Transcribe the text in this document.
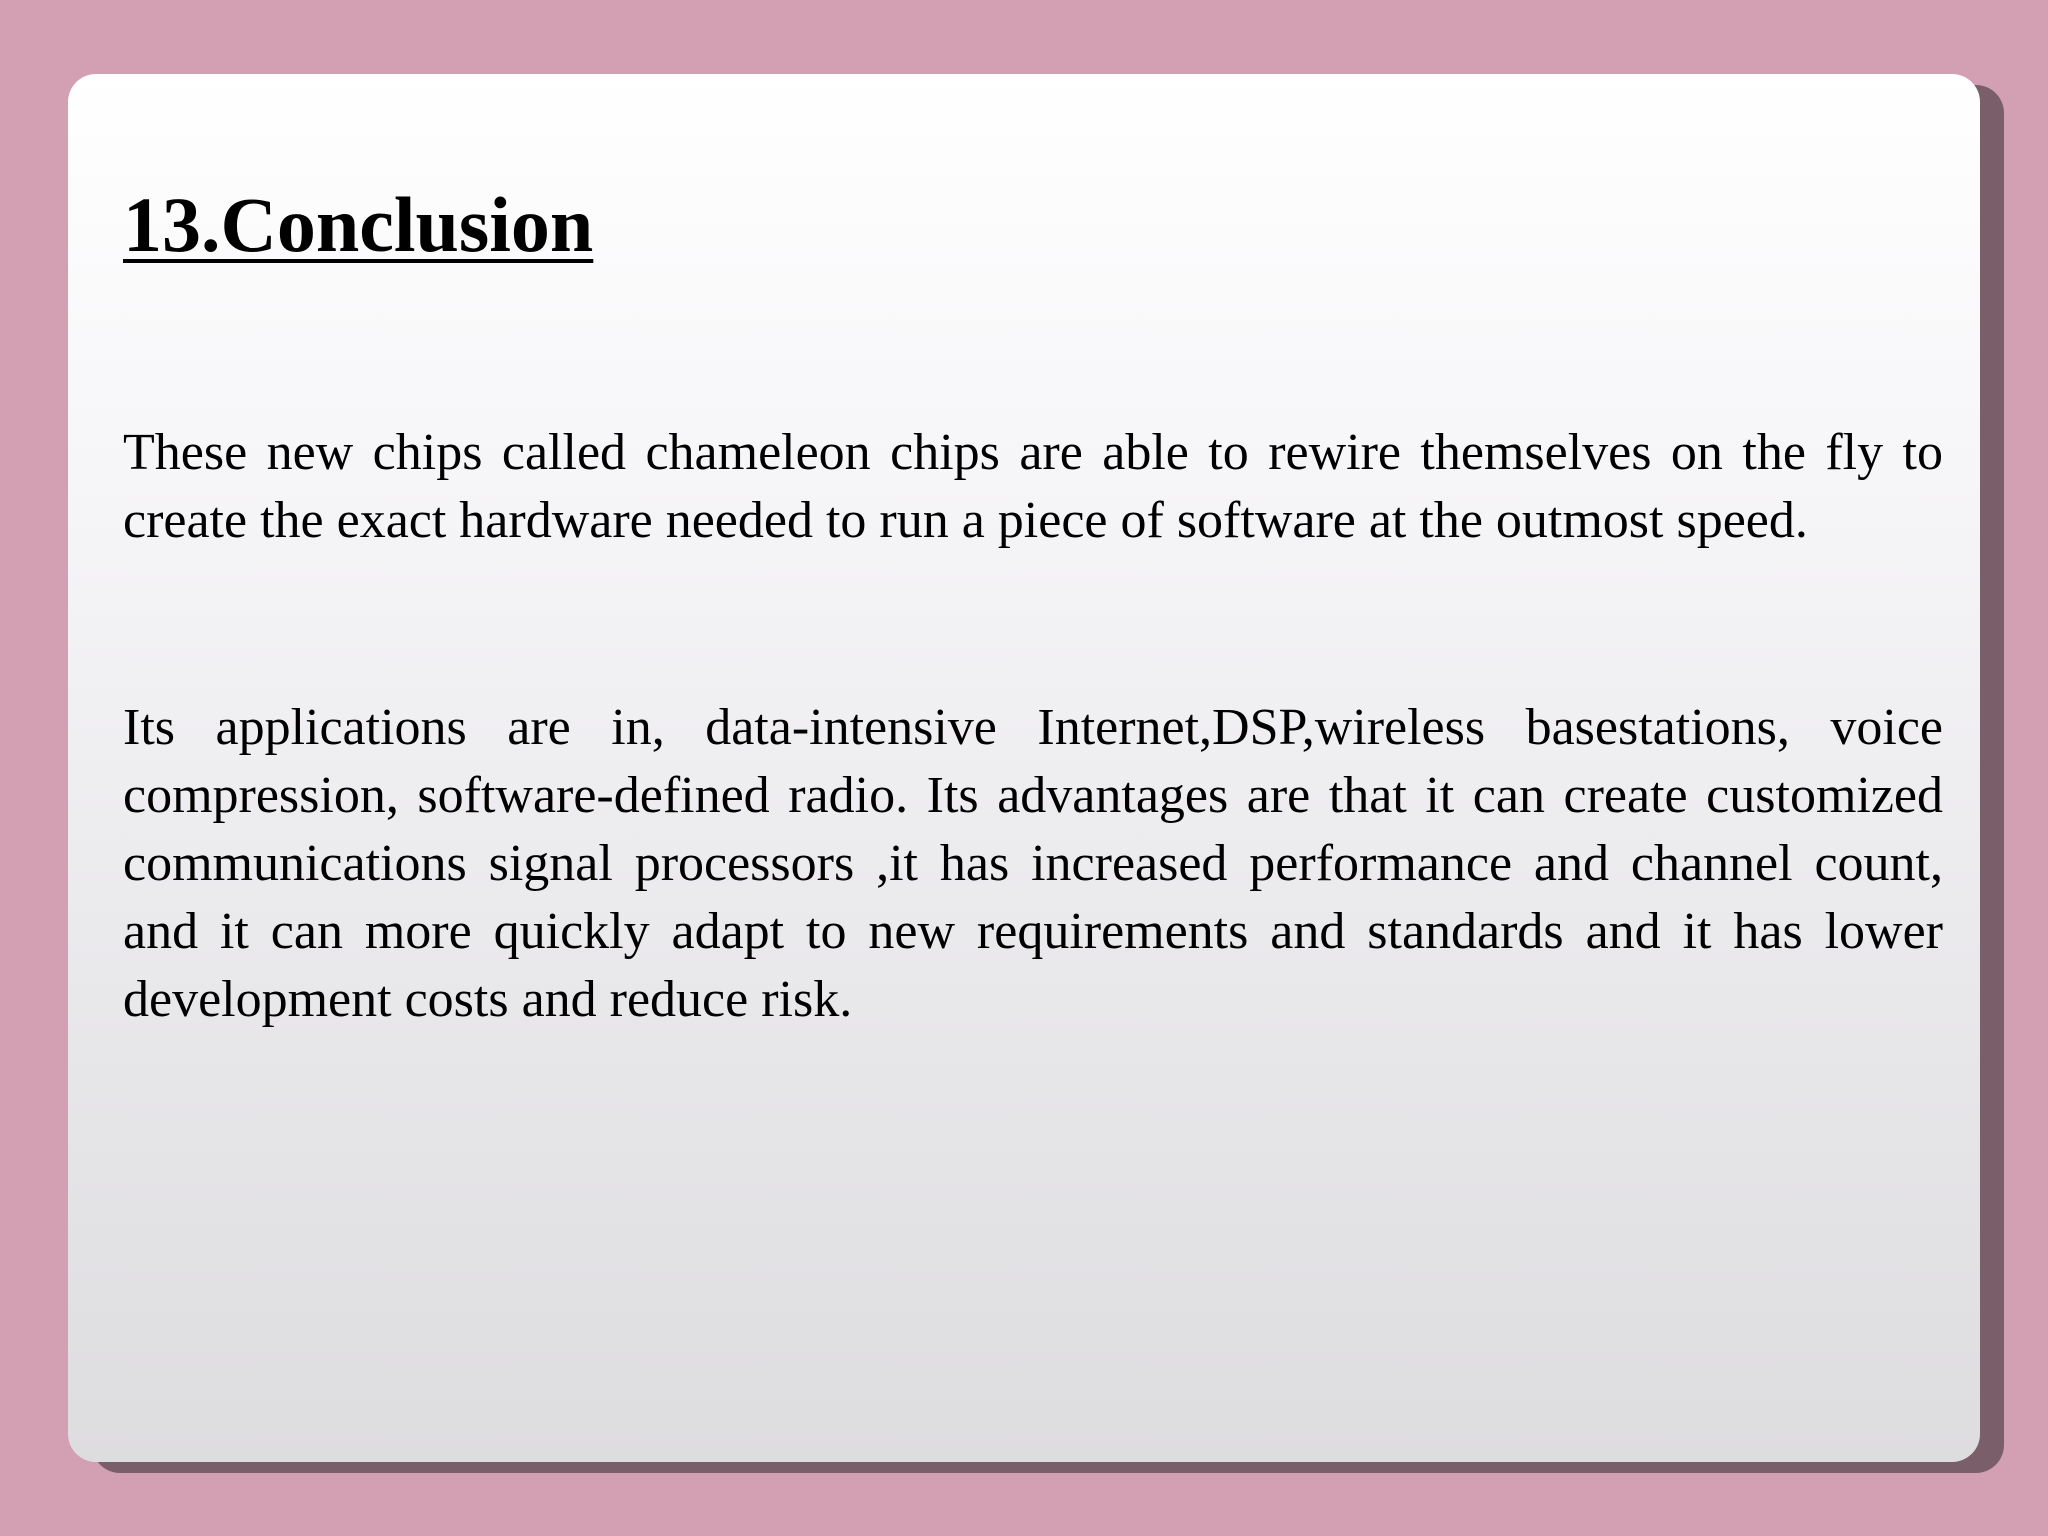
13.Conclusion

These new chips called chameleon chips are able to rewire themselves on the fly to create the exact hardware needed to run a piece of software at the outmost speed.

Its applications are in, data-intensive Internet,DSP,wireless basestations, voice compression, software-defined radio. Its advantages are that it can create customized communications signal processors ,it has increased performance and channel count, and it can more quickly adapt to new requirements and standards and it has lower development costs and reduce risk.
